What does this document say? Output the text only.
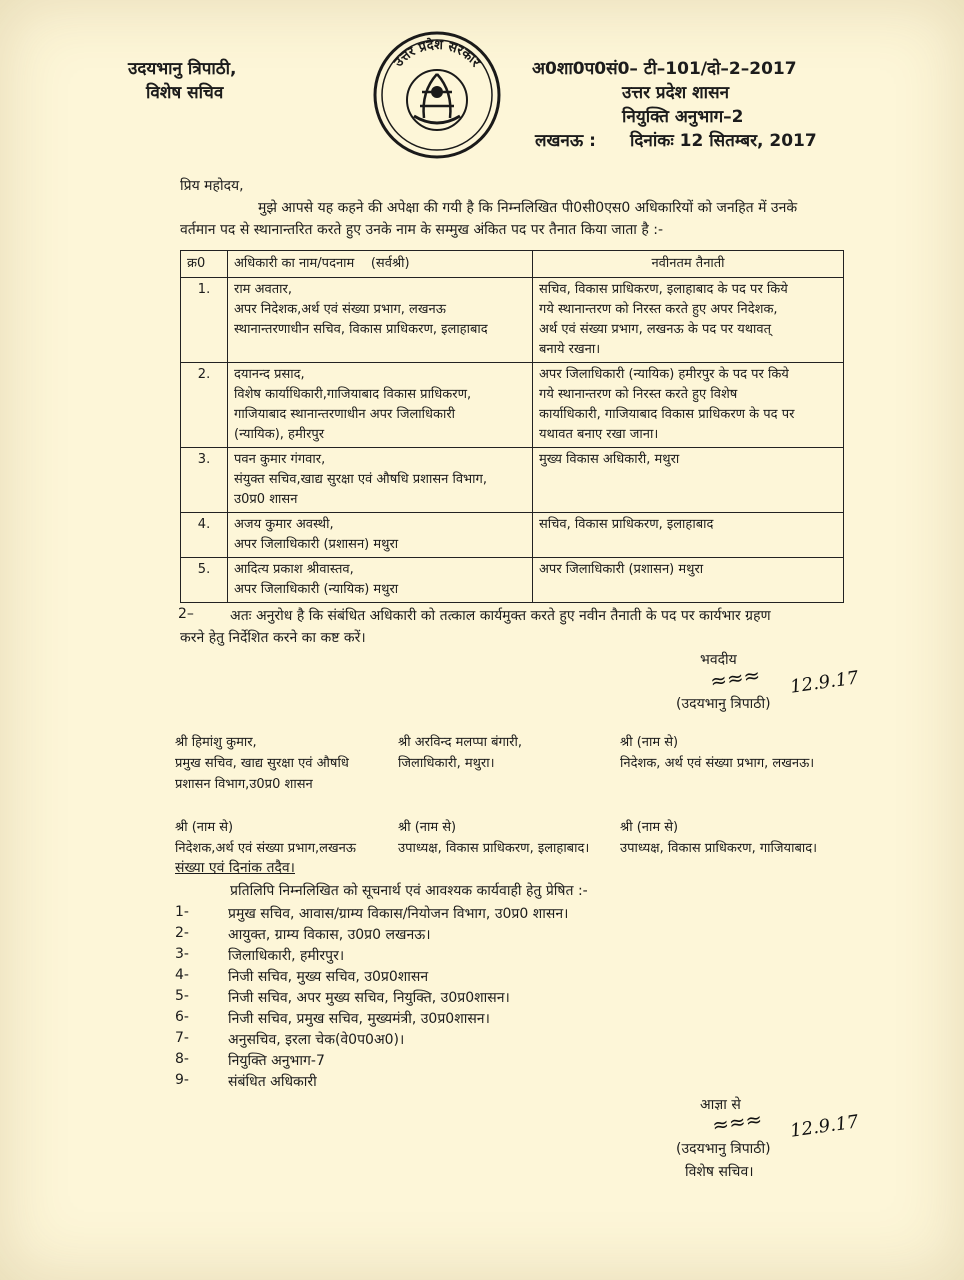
उदयभानु त्रिपाठी,
विशेष सचिव
उत्तर प्रदेश सरकार	अ0शा0प0सं0– टी–101/दो–2–2017
उत्तर प्रदेश शासन
नियुक्ति अनुभाग–2
लखनऊ : दिनांकः 12 सितम्बर, 2017
प्रिय महोदय,
मुझे आपसे यह कहने की अपेक्षा की गयी है कि निम्नलिखित पी0सी0एस0 अधिकारियों को जनहित में उनके
वर्तमान पद से स्थानान्तरित करते हुए उनके नाम के सम्मुख अंकित पद पर तैनात किया जाता है :-
क्र0	अधिकारी का नाम/पदनाम (सर्वश्री)	नवीनतम तैनाती
1.	राम अवतार,
अपर निदेशक,अर्थ एवं संख्या प्रभाग, लखनऊ
स्थानान्तरणाधीन सचिव, विकास प्राधिकरण, इलाहाबाद	सचिव, विकास प्राधिकरण, इलाहाबाद के पद पर किये
गये स्थानान्तरण को निरस्त करते हुए अपर निदेशक,
अर्थ एवं संख्या प्रभाग, लखनऊ के पद पर यथावत्
बनाये रखना।

2.	दयानन्द प्रसाद,
विशेष कार्याधिकारी,गाजियाबाद विकास प्राधिकरण,
गाजियाबाद स्थानान्तरणाधीन अपर जिलाधिकारी
(न्यायिक), हमीरपुर	अपर जिलाधिकारी (न्यायिक) हमीरपुर के पद पर किये
गये स्थानान्तरण को निरस्त करते हुए विशेष
कार्याधिकारी, गाजियाबाद विकास प्राधिकरण के पद पर
यथावत बनाए रखा जाना।

3.	पवन कुमार गंगवार,
संयुक्त सचिव,खाद्य सुरक्षा एवं औषधि प्रशासन विभाग,
उ0प्र0 शासन	मुख्य विकास अधिकारी, मथुरा

4.	अजय कुमार अवस्थी,
अपर जिलाधिकारी (प्रशासन) मथुरा	सचिव, विकास प्राधिकरण, इलाहाबाद

5.	आदित्य प्रकाश श्रीवास्तव,
अपर जिलाधिकारी (न्यायिक) मथुरा	अपर जिलाधिकारी (प्रशासन) मथुरा
2–	अतः अनुरोध है कि संबंधित अधिकारी को तत्काल कार्यमुक्त करते हुए नवीन तैनाती के पद पर कार्यभार ग्रहण
करने हेतु निर्देशित करने का कष्ट करें।
भवदीय
≈≈≈ 12.9.17
(उदयभानु त्रिपाठी)
श्री हिमांशु कुमार,
प्रमुख सचिव, खाद्य सुरक्षा एवं औषधि
प्रशासन विभाग,उ0प्र0 शासन
श्री अरविन्द मलप्पा बंगारी,
जिलाधिकारी, मथुरा।
श्री (नाम से)
निदेशक, अर्थ एवं संख्या प्रभाग, लखनऊ।
श्री (नाम से)
निदेशक,अर्थ एवं संख्या प्रभाग,लखनऊ
श्री (नाम से)
उपाध्यक्ष, विकास प्राधिकरण, इलाहाबाद।
श्री (नाम से)
उपाध्यक्ष, विकास प्राधिकरण, गाजियाबाद।
संख्या एवं दिनांक तदैव।
प्रतिलिपि निम्नलिखित को सूचनार्थ एवं आवश्यक कार्यवाही हेतु प्रेषित :-
1-	प्रमुख सचिव, आवास/ग्राम्य विकास/नियोजन विभाग, उ0प्र0 शासन।
2-	आयुक्त, ग्राम्य विकास, उ0प्र0 लखनऊ।
3-	जिलाधिकारी, हमीरपुर।
4-	निजी सचिव, मुख्य सचिव, उ0प्र0शासन
5-	निजी सचिव, अपर मुख्य सचिव, नियुक्ति, उ0प्र0शासन।
6-	निजी सचिव, प्रमुख सचिव, मुख्यमंत्री, उ0प्र0शासन।
7-	अनुसचिव, इरला चेक(वे0प0अ0)।
8-	नियुक्ति अनुभाग-7
9-	संबंधित अधिकारी
आज्ञा से
≈≈≈ 12.9.17
(उदयभानु त्रिपाठी)
विशेष सचिव।
